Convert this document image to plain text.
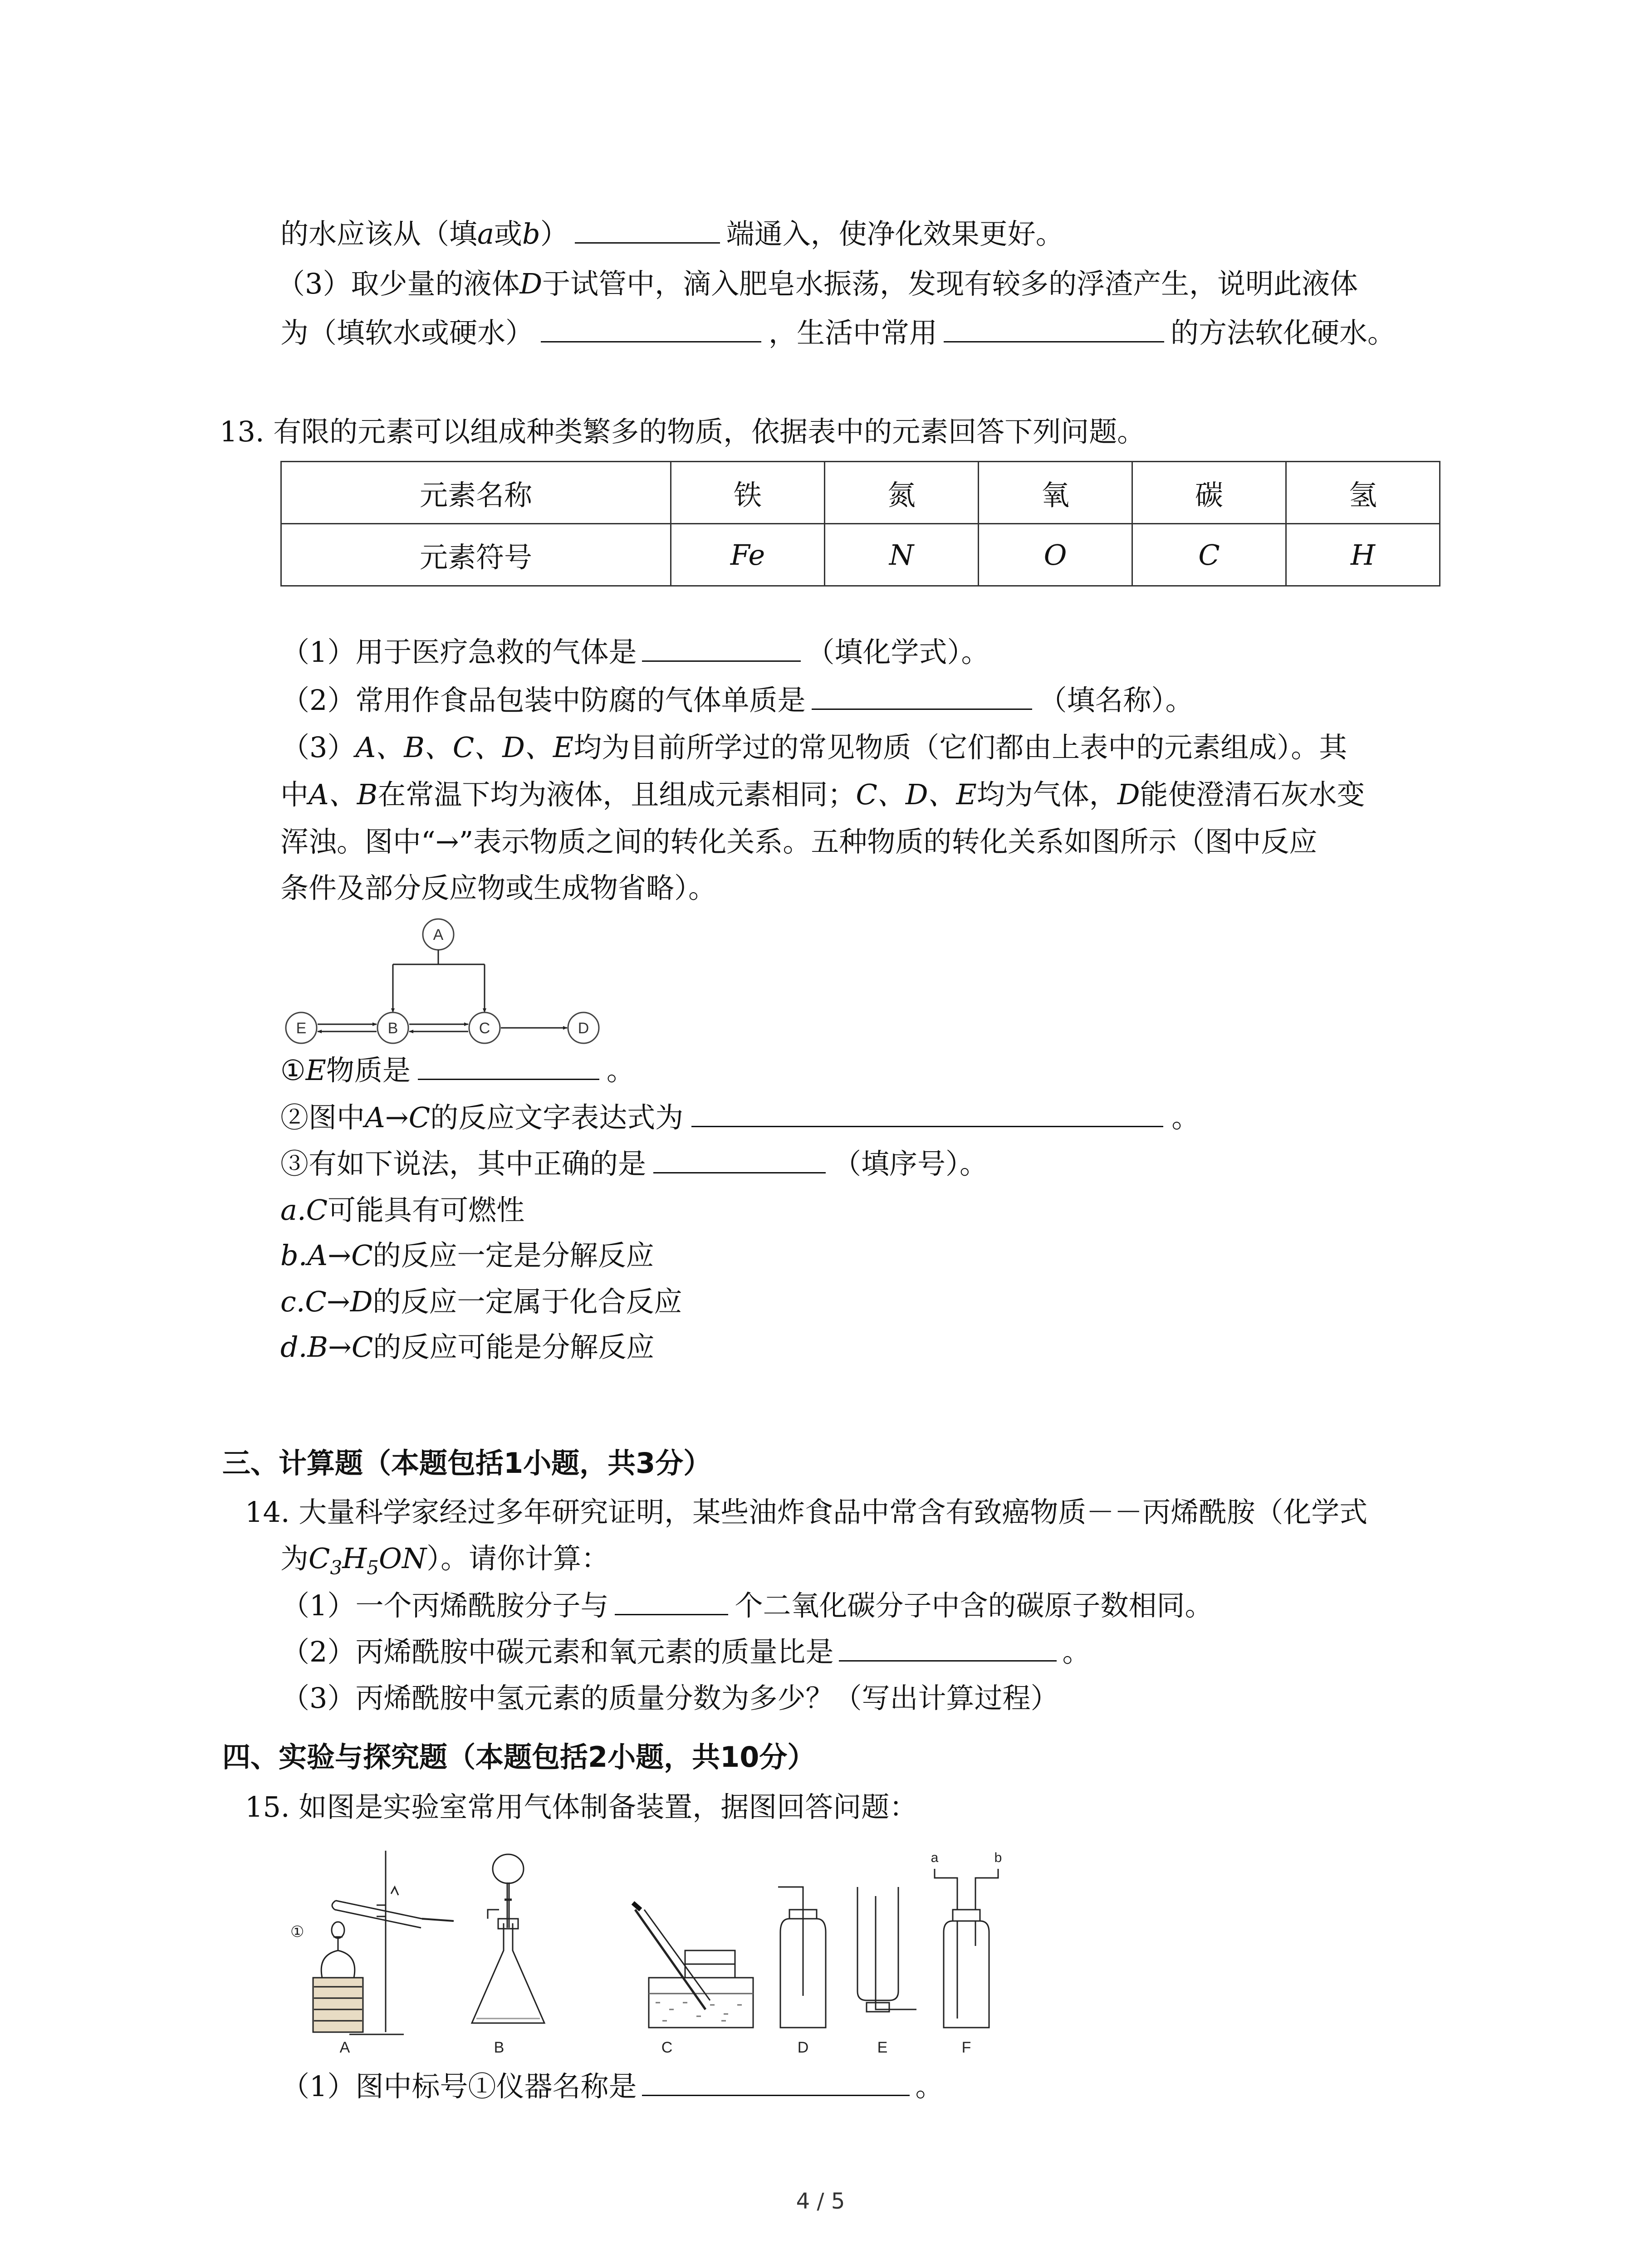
的水应该从（填a或b）	端通入，使净化效果更好。
（3）取少量的液体D于试管中，滴入肥皂水振荡，发现有较多的浮渣产生，说明此液体
为（填软水或硬水）	，生活中常用	的方法软化硬水。
13. 有限的元素可以组成种类繁多的物质，依据表中的元素回答下列问题。
元素名称	铁	氮	氧	碳	氢
元素符号	Fe	N	O	C	H
（1）用于医疗急救的气体是	（填化学式）。
（2）常用作食品包装中防腐的气体单质是	（填名称）。
（3）A、B、C、D、E均为目前所学过的常见物质（它们都由上表中的元素组成）。其
中A、B在常温下均为液体，且组成元素相同；C、D、E均为气体，D能使澄清石灰水变
浑浊。图中“→”表示物质之间的转化关系。五种物质的转化关系如图所示（图中反应
条件及部分反应物或生成物省略）。
A
E	B	C	D
①E物质是	。
②图中A→C的反应文字表达式为	。
③有如下说法，其中正确的是	（填序号）。
a.C可能具有可燃性
b.A→C的反应一定是分解反应
c.C→D的反应一定属于化合反应
d.B→C的反应可能是分解反应
三、计算题（本题包括1小题，共3分）
14. 大量科学家经过多年研究证明，某些油炸食品中常含有致癌物质－－丙烯酰胺（化学式
为$C_3H_5ON$）。请你计算：
（1）一个丙烯酰胺分子与	个二氧化碳分子中含的碳原子数相同。
（2）丙烯酰胺中碳元素和氧元素的质量比是	。
（3）丙烯酰胺中氢元素的质量分数为多少？（写出计算过程）
四、实验与探究题（本题包括2小题，共10分）
15. 如图是实验室常用气体制备装置，据图回答问题：
①
a	b
A	B	C	D	E	F
（1）图中标号①仪器名称是	。
4 / 5
